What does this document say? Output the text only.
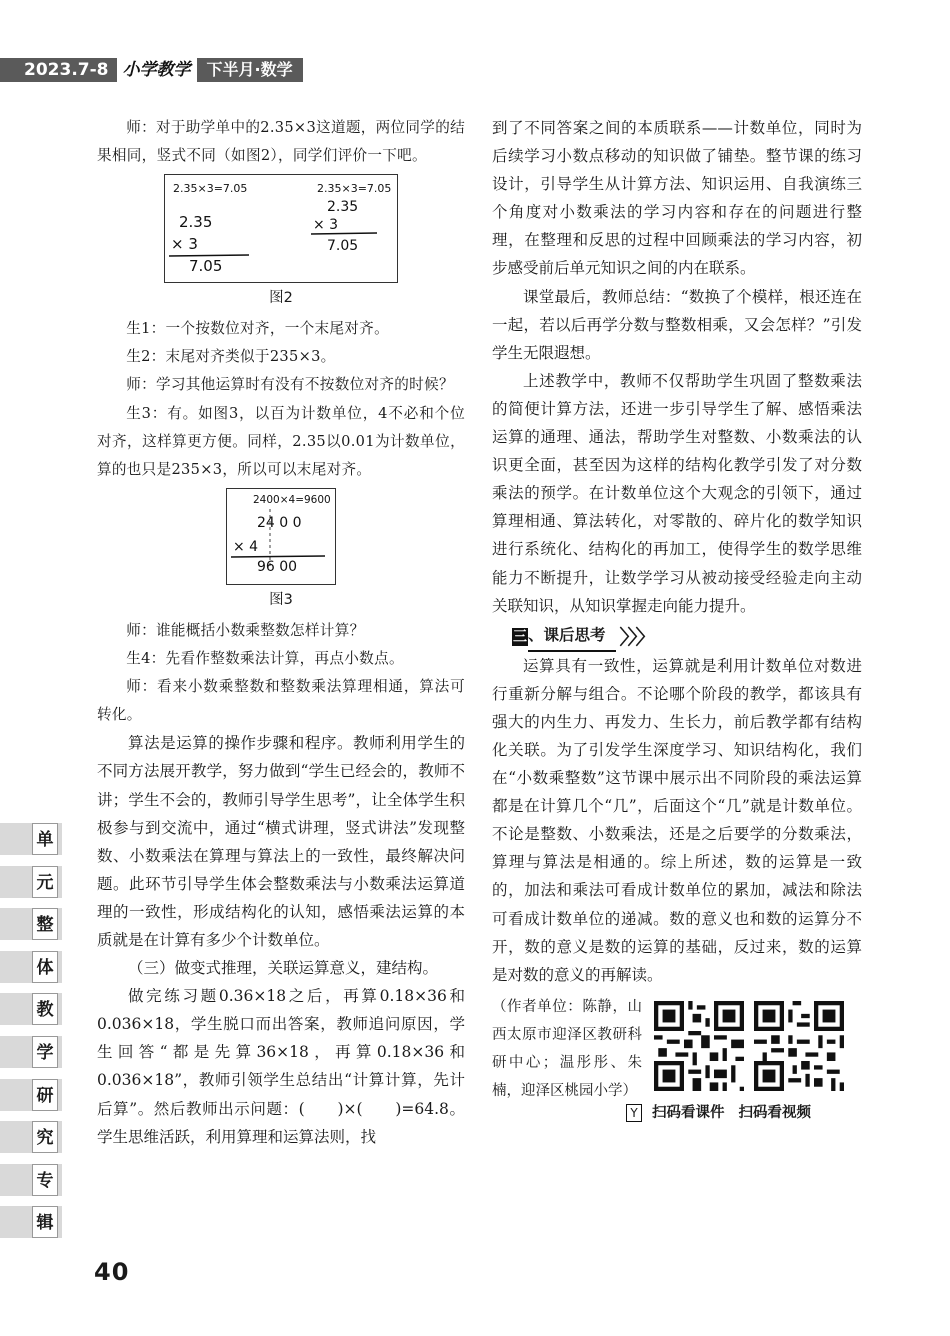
2023.7-8 小学教学	下半月·数学

师：对于助学单中的2.35×3这道题，两位同学的结果相同，竖式不同（如图2），同学们评价一下吧。

2.35×3=7.05
2.35
× 3
7.05
2.35×3=7.05
2.35
× 3
7.05
图2

生1：一个按数位对齐，一个末尾对齐。

生2：末尾对齐类似于235×3。

师：学习其他运算时有没有不按数位对齐的时候？

生3：有。如图3，以百为计数单位，4不必和个位对齐，这样算更方便。同样，2.35以0.01为计数单位，算的也只是235×3，所以可以末尾对齐。

2400×4=9600
24 0 0
× 4
96 00
图3

师：谁能概括小数乘整数怎样计算？

生4：先看作整数乘法计算，再点小数点。

师：看来小数乘整数和整数乘法算理相通，算法可转化。

算法是运算的操作步骤和程序。教师利用学生的不同方法展开教学，努力做到“学生已经会的，教师不讲；学生不会的，教师引导学生思考”，让全体学生积极参与到交流中，通过“横式讲理，竖式讲法”发现整数、小数乘法在算理与算法上的一致性，最终解决问题。此环节引导学生体会整数乘法与小数乘法运算道理的一致性，形成结构化的认知，感悟乘法运算的本质就是在计算有多少个计数单位。

（三）做变式推理，关联运算意义，建结构。

做完练习题0.36×18之后，再算0.18×36和0.036×18，学生脱口而出答案，教师追问原因，学生回答“都是先算36×18，再算0.18×36和0.036×18”，教师引领学生总结出“计算计算，先计后算”。然后教师出示问题：(　　)×(　　)=64.8。学生思维活跃，利用算理和运算法则，找

到了不同答案之间的本质联系——计数单位，同时为后续学习小数点移动的知识做了铺垫。整节课的练习设计，引导学生从计算方法、知识运用、自我演练三个角度对小数乘法的学习内容和存在的问题进行整理，在整理和反思的过程中回顾乘法的学习内容，初步感受前后单元知识之间的内在联系。

课堂最后，教师总结：“数换了个模样，根还连在一起，若以后再学分数与整数相乘，又会怎样？”引发学生无限遐想。

上述教学中，教师不仅帮助学生巩固了整数乘法的简便计算方法，还进一步引导学生了解、感悟乘法运算的通理、通法，帮助学生对整数、小数乘法的认识更全面，甚至因为这样的结构化教学引发了对分数乘法的预学。在计数单位这个大观念的引领下，通过算理相通、算法转化，对零散的、碎片化的数学知识进行系统化、结构化的再加工，使得学生的数学思维能力不断提升，让数学学习从被动接受经验走向主动关联知识，从知识掌握走向能力提升。

三 、课后思考 〉〉〉

运算具有一致性，运算就是利用计数单位对数进行重新分解与组合。不论哪个阶段的教学，都该具有强大的内生力、再发力、生长力，前后教学都有结构化关联。为了引发学生深度学习、知识结构化，我们在“小数乘整数”这节课中展示出不同阶段的乘法运算都是在计算几个“几”，后面这个“几”就是计数单位。不论是整数、小数乘法，还是之后要学的分数乘法，算理与算法是相通的。综上所述，数的运算是一致的，加法和乘法可看成计数单位的累加，减法和除法可看成计数单位的递减。数的意义也和数的运算分不开，数的意义是数的运算的基础，反过来，数的运算是对数的意义的再解读。

（作者单位：陈静，山西太原市迎泽区教研科研中心；温彤彤、朱楠，迎泽区桃园小学）
Y 扫码看课件 扫码看视频
单
元
整
体
教
学
研
究
专
辑
40
